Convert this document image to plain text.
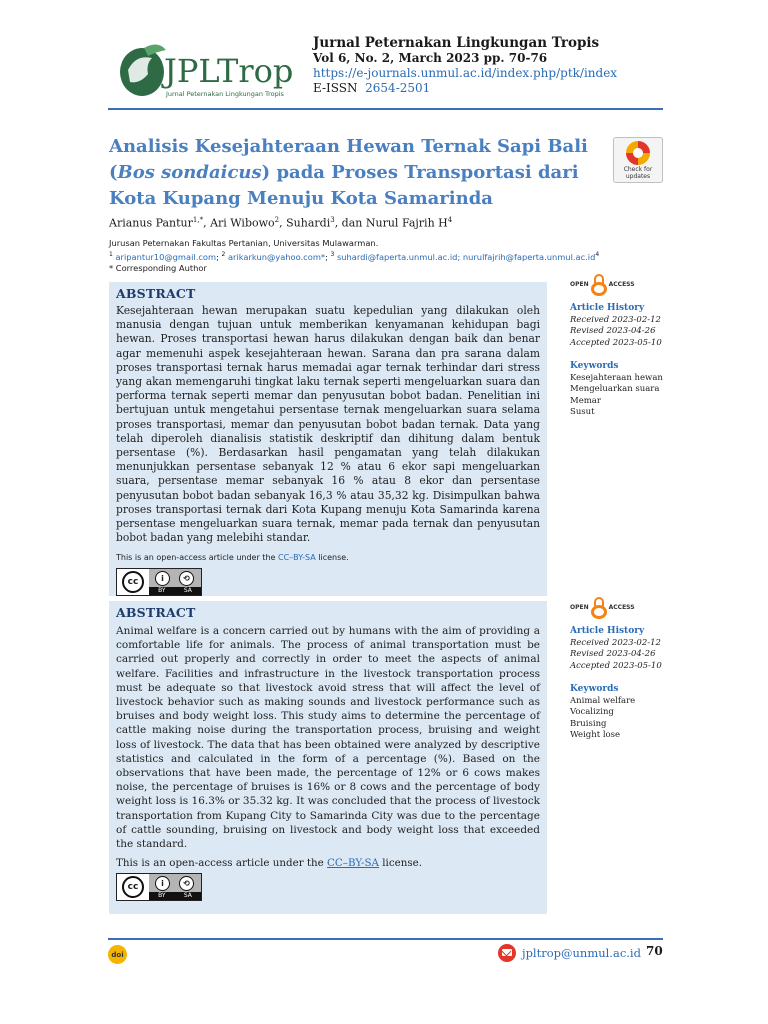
JPLTrop
Jurnal Peternakan Lingkungan Tropis
Jurnal Peternakan Lingkungan Tropis
Vol 6, No. 2, March 2023 pp. 70-76
https://e-journals.unmul.ac.id/index.php/ptk/index
E-ISSN 2654-2501
Analisis Kesejahteraan Hewan Ternak Sapi Bali (Bos sondaicus) pada Proses Transportasi dari Kota Kupang Menuju Kota Samarinda
Check for
updates
Arianus Pantur$^{1,*}$, Ari Wibowo$^2$, Suhardi$^3$, dan Nurul Fajrih $H^4$
Jurusan Peternakan Fakultas Pertanian, Universitas Mulawarman.
$^1$ aripantur10@gmail.com; $^2$ arikarkun@yahoo.com*; $^3$ suhardi@faperta.unmul.ac.id; $nurulfajrih@faperta.unmul.ac.id^4$
* Corresponding Author
ABSTRACT
Kesejahteraan hewan merupakan suatu kepedulian yang dilakukan oleh manusia dengan tujuan untuk memberikan kenyamanan kehidupan bagi hewan. Proses transportasi hewan harus dilakukan dengan baik dan benar agar memenuhi aspek kesejahteraan hewan. Sarana dan pra sarana dalam proses transportasi ternak harus memadai agar ternak terhindar dari stress yang akan memengaruhi tingkat laku ternak seperti mengeluarkan suara dan performa ternak seperti memar dan penyusutan bobot badan. Penelitian ini bertujuan untuk mengetahui persentase ternak mengeluarkan suara selama proses transportasi, memar dan penyusutan bobot badan ternak. Data yang telah diperoleh dianalisis statistik deskriptif dan dihitung dalam bentuk persentase (%). Berdasarkan hasil pengamatan yang telah dilakukan menunjukkan persentase sebanyak 12 % atau 6 ekor sapi mengeluarkan suara, persentase memar sebanyak 16 % atau 8 ekor dan persentase penyusutan bobot badan sebanyak 16,3 % atau 35,32 kg. Disimpulkan bahwa proses transportasi ternak dari Kota Kupang menuju Kota Samarinda karena persentase mengeluarkan suara ternak, memar pada ternak dan penyusutan bobot badan yang melebihi standar.
This is an open-access article under the CC–BY-SA license.
cc	i	⟲
BY	SA
OPEN	ACCESS
Article History
Received 2023-02-12
Revised 2023-04-26
Accepted 2023-05-10
Keywords
Kesejahteraan hewan
Mengeluarkan suara
Memar
Susut
ABSTRACT
Animal welfare is a concern carried out by humans with the aim of providing a comfortable life for animals. The process of animal transportation must be carried out properly and correctly in order to meet the aspects of animal welfare. Facilities and infrastructure in the livestock transportation process must be adequate so that livestock avoid stress that will affect the level of livestock behavior such as making sounds and livestock performance such as bruises and body weight loss. This study aims to determine the percentage of cattle making noise during the transportation process, bruising and weight loss of livestock. The data that has been obtained were analyzed by descriptive statistics and calculated in the form of a percentage (%). Based on the observations that have been made, the percentage of 12% or 6 cows makes noise, the percentage of bruises is 16% or 8 cows and the percentage of body weight loss is 16.3% or 35.32 kg. It was concluded that the process of livestock transportation from Kupang City to Samarinda City was due to the percentage of cattle sounding, bruising on livestock and body weight loss that exceeded the standard.
This is an open-access article under the CC–BY-SA license.
cc	i	⟲
BY	SA
OPEN	ACCESS
Article History
Received 2023-02-12
Revised 2023-04-26
Accepted 2023-05-10
Keywords
Animal welfare
Vocalizing
Bruising
Weight lose
doi	jpltrop@unmul.ac.id 70
